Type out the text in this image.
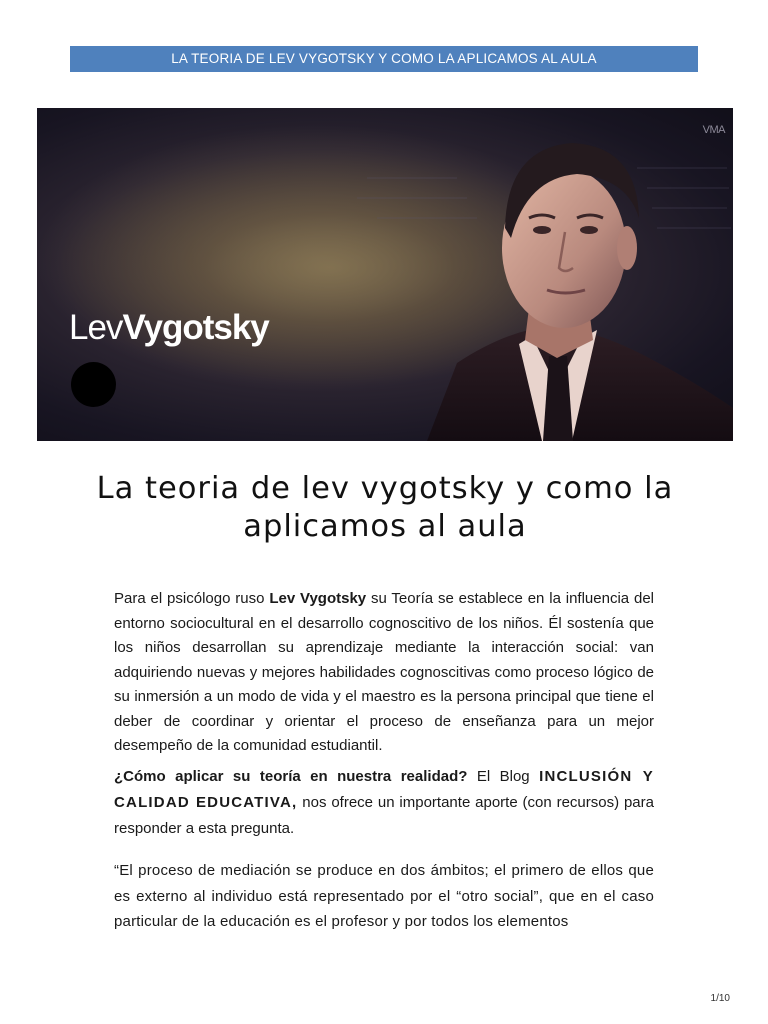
LA TEORIA DE LEV VYGOTSKY Y COMO LA APLICAMOS AL AULA
VMA
LevVygotsky
La teoria de lev vygotsky y como la aplicamos al aula

Para el psicólogo ruso Lev Vygotsky su Teoría se establece en la influencia del entorno sociocultural en el desarrollo cognoscitivo de los niños. Él sostenía que los niños desarrollan su aprendizaje mediante la interacción social: van adquiriendo nuevas y mejores habilidades cognoscitivas como proceso lógico de su inmersión a un modo de vida y el maestro es la persona principal que tiene el deber de coordinar y orientar el proceso de enseñanza para un mejor desempeño de la comunidad estudiantil.

¿Cómo aplicar su teoría en nuestra realidad? El Blog INCLUSIÓN Y CALIDAD EDUCATIVA, nos ofrece un importante aporte (con recursos) para responder a esta pregunta.

“El proceso de mediación se produce en dos ámbitos; el primero de ellos que es externo al individuo está representado por el “otro social”, que en el caso particular de la educación es el profesor y por todos los elementos

1/10
